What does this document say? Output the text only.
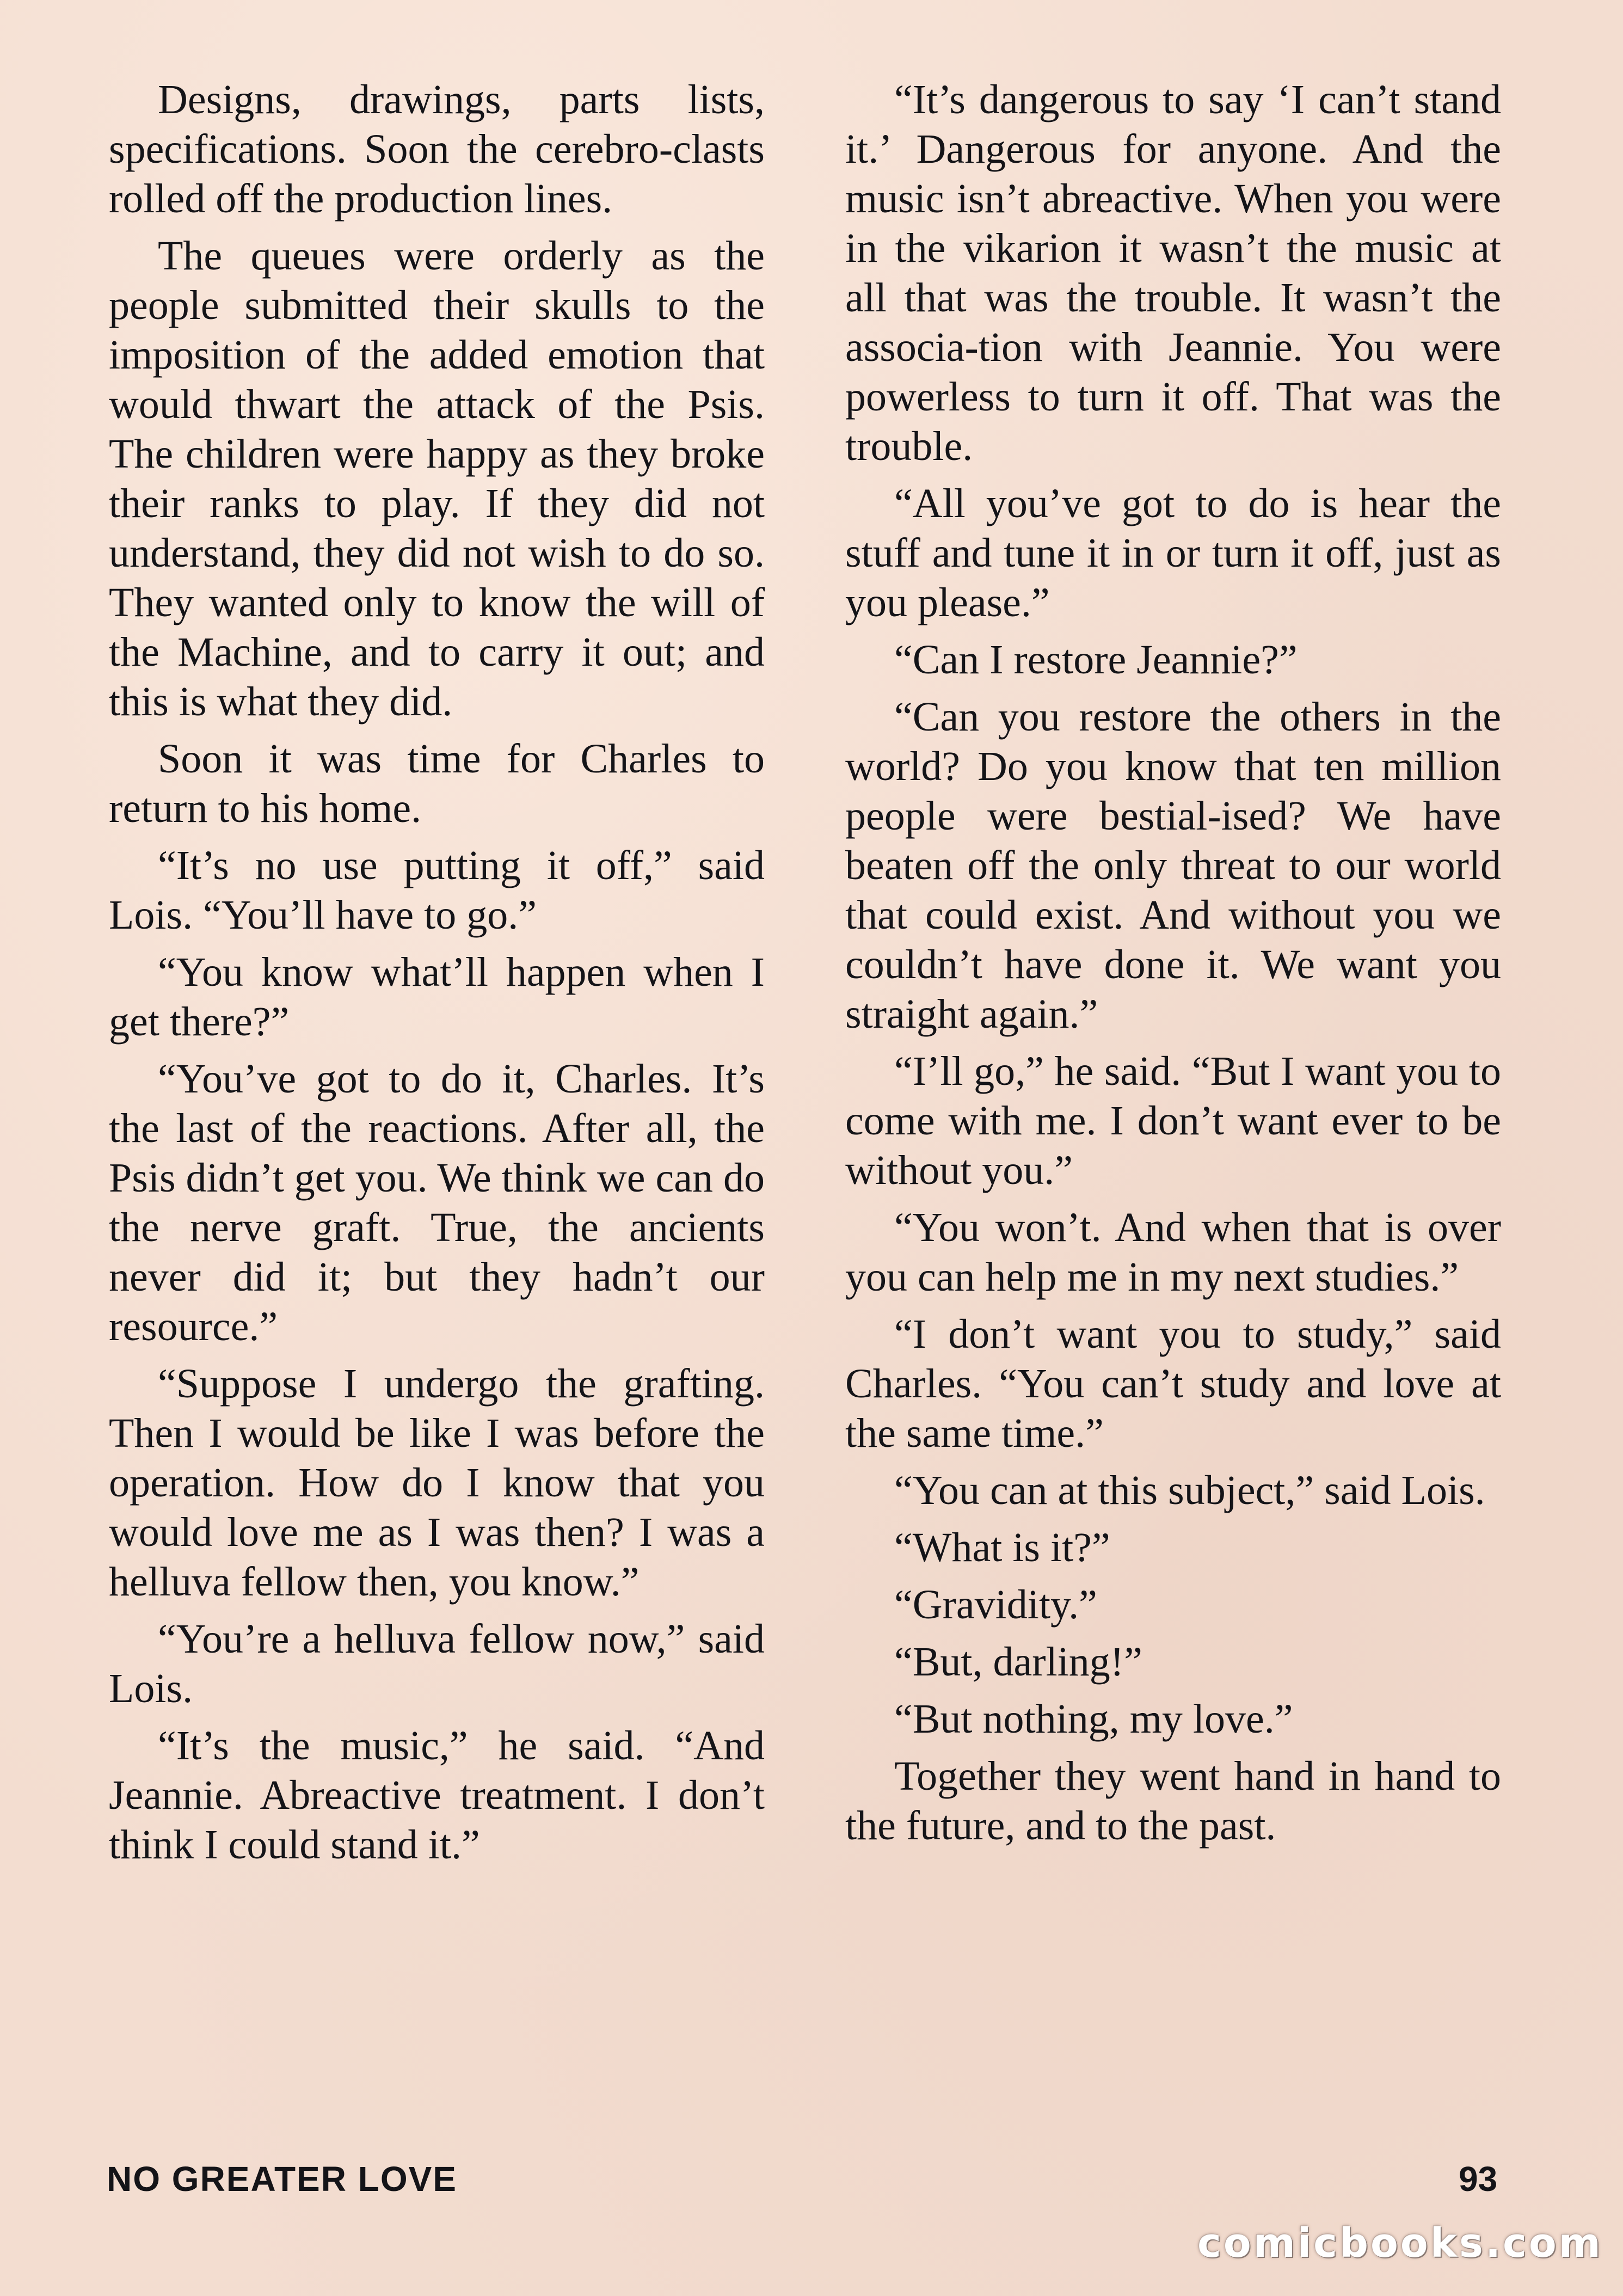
Designs, drawings, parts lists, specifications. Soon the cerebro-clasts rolled off the production lines.

The queues were orderly as the people submitted their skulls to the imposition of the added emotion that would thwart the attack of the Psis. The children were happy as they broke their ranks to play. If they did not understand, they did not wish to do so. They wanted only to know the will of the Machine, and to carry it out; and this is what they did.

Soon it was time for Charles to return to his home.

“It’s no use putting it off,” said Lois. “You’ll have to go.”

“You know what’ll happen when I get there?”

“You’ve got to do it, Charles. It’s the last of the reactions. After all, the Psis didn’t get you. We think we can do the nerve graft. True, the ancients never did it; but they hadn’t our resource.”

“Suppose I undergo the grafting. Then I would be like I was before the operation. How do I know that you would love me as I was then? I was a helluva fellow then, you know.”

“You’re a helluva fellow now,” said Lois.

“It’s the music,” he said. “And Jeannie. Abreactive treatment. I don’t think I could stand it.”

“It’s dangerous to say ‘I can’t stand it.’ Dangerous for anyone. And the music isn’t abreactive. When you were in the vikarion it wasn’t the music at all that was the trouble. It wasn’t the associa-tion with Jeannie. You were powerless to turn it off. That was the trouble.

“All you’ve got to do is hear the stuff and tune it in or turn it off, just as you please.”

“Can I restore Jeannie?”

“Can you restore the others in the world? Do you know that ten million people were bestial-ised? We have beaten off the only threat to our world that could exist. And without you we couldn’t have done it. We want you straight again.”

“I’ll go,” he said. “But I want you to come with me. I don’t want ever to be without you.”

“You won’t. And when that is over you can help me in my next studies.”

“I don’t want you to study,” said Charles. “You can’t study and love at the same time.”

“You can at this subject,” said Lois.

“What is it?”

“Gravidity.”

“But, darling!”

“But nothing, my love.”

Together they went hand in hand to the future, and to the past.

NO GREATER LOVE	93
comicbooks.com
